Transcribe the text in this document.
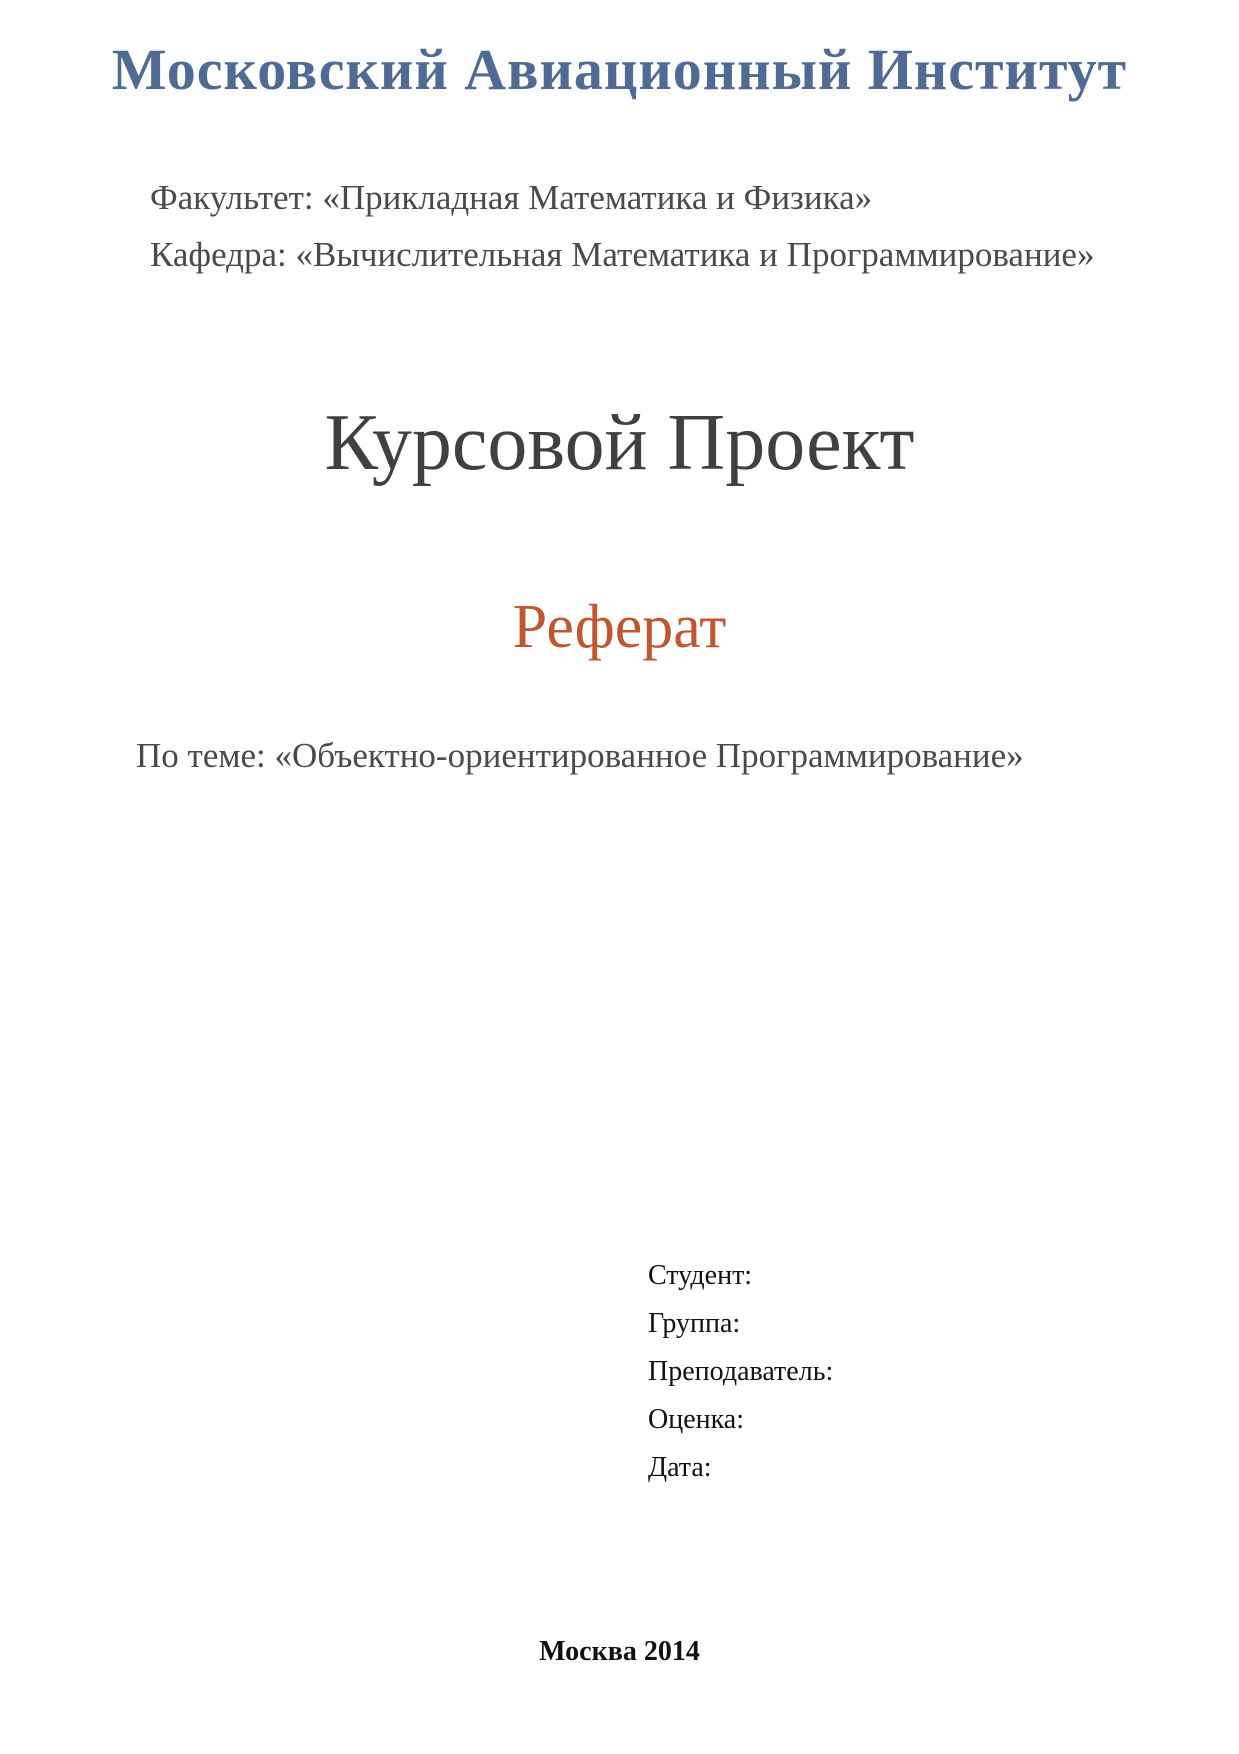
Московский Авиационный Институт
Факультет: «Прикладная Математика и Физика»
Кафедра: «Вычислительная Математика и Программирование»
Курсовой Проект
Реферат
По теме: «Объектно-ориентированное Программирование»
Студент:
Группа:
Преподаватель:
Оценка:
Дата:
Москва 2014
